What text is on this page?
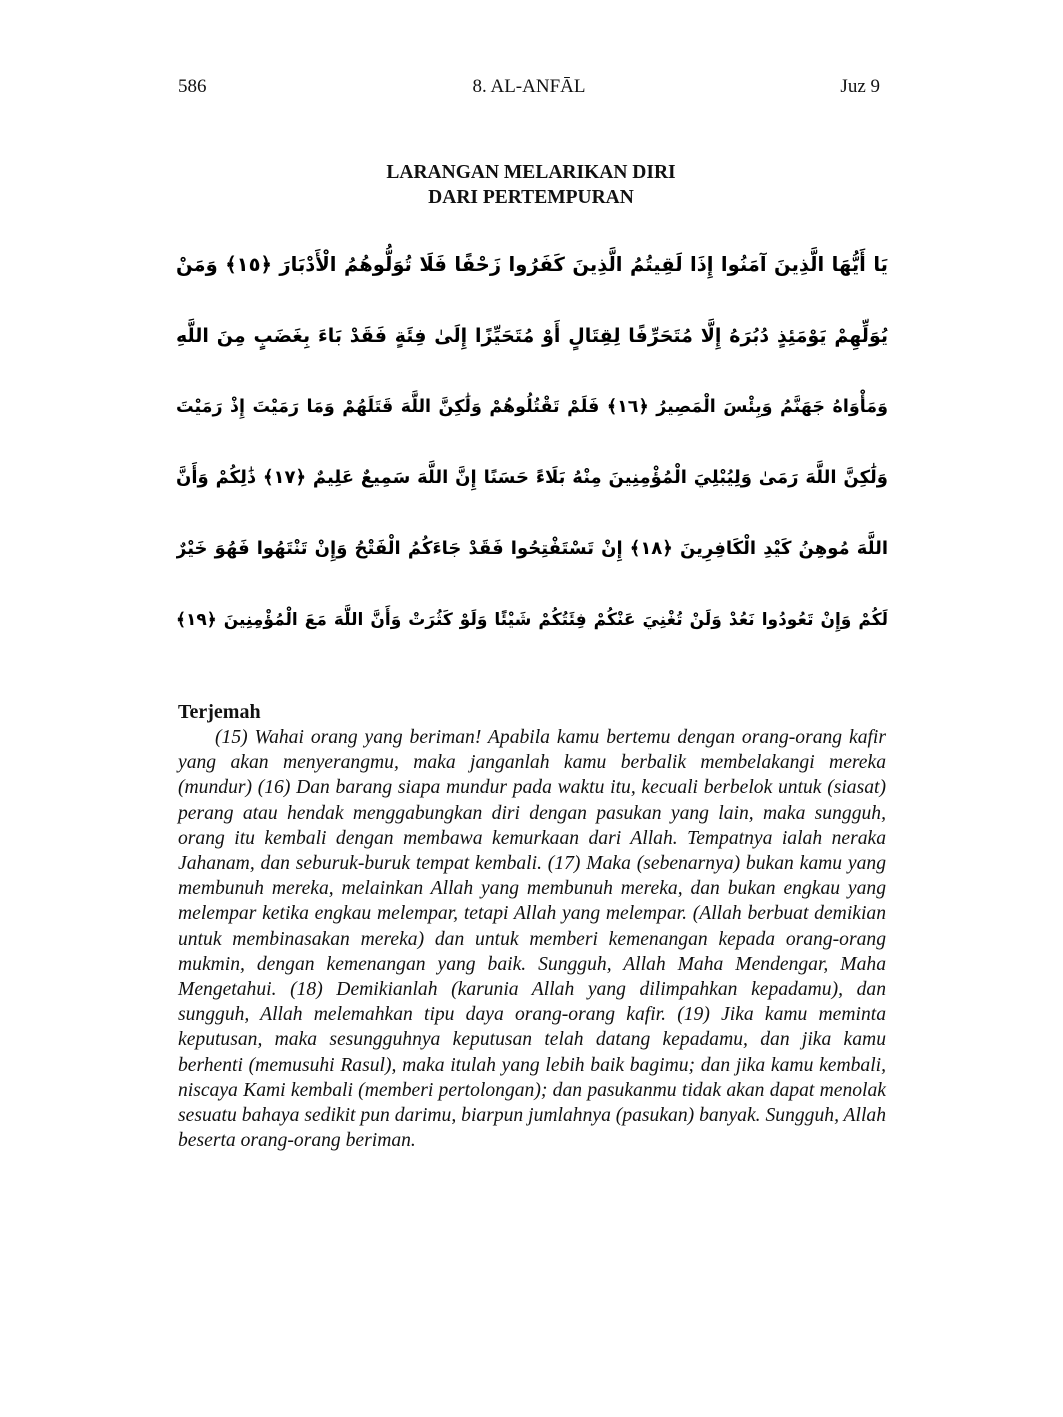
586	8. AL-ANFĀL	Juz 9
LARANGAN MELARIKAN DIRI
DARI PERTEMPURAN
يَا أَيُّهَا الَّذِينَ آمَنُوا إِذَا لَقِيتُمُ الَّذِينَ كَفَرُوا زَحْفًا فَلَا تُوَلُّوهُمُ الْأَدْبَارَ ﴿١٥﴾ وَمَنْ
يُوَلِّهِمْ يَوْمَئِذٍ دُبُرَهُ إِلَّا مُتَحَرِّفًا لِقِتَالٍ أَوْ مُتَحَيِّزًا إِلَىٰ فِئَةٍ فَقَدْ بَاءَ بِغَضَبٍ مِنَ اللَّهِ
وَمَأْوَاهُ جَهَنَّمُ وَبِئْسَ الْمَصِيرُ ﴿١٦﴾ فَلَمْ تَقْتُلُوهُمْ وَلَٰكِنَّ اللَّهَ قَتَلَهُمْ وَمَا رَمَيْتَ إِذْ رَمَيْتَ
وَلَٰكِنَّ اللَّهَ رَمَىٰ وَلِيُبْلِيَ الْمُؤْمِنِينَ مِنْهُ بَلَاءً حَسَنًا إِنَّ اللَّهَ سَمِيعٌ عَلِيمٌ ﴿١٧﴾ ذَٰلِكُمْ وَأَنَّ
اللَّهَ مُوهِنُ كَيْدِ الْكَافِرِينَ ﴿١٨﴾ إِنْ تَسْتَفْتِحُوا فَقَدْ جَاءَكُمُ الْفَتْحُ وَإِنْ تَنْتَهُوا فَهُوَ خَيْرٌ
لَكُمْ وَإِنْ تَعُودُوا نَعُدْ وَلَنْ تُغْنِيَ عَنْكُمْ فِئَتُكُمْ شَيْئًا وَلَوْ كَثُرَتْ وَأَنَّ اللَّهَ مَعَ الْمُؤْمِنِينَ ﴿١٩﴾
Terjemah

(15) Wahai orang yang beriman! Apabila kamu bertemu dengan orang-orang kafir yang akan menyerangmu, maka janganlah kamu berbalik membelakangi mereka (mundur) (16) Dan barang siapa mundur pada waktu itu, kecuali berbelok untuk (siasat) perang atau hendak menggabungkan diri dengan pasukan yang lain, maka sungguh, orang itu kembali dengan membawa kemurkaan dari Allah. Tempatnya ialah neraka Jahanam, dan seburuk-buruk tempat kembali. (17) Maka (sebenarnya) bukan kamu yang membunuh mereka, melainkan Allah yang membunuh mereka, dan bukan engkau yang melempar ketika engkau melempar, tetapi Allah yang melempar. (Allah berbuat demikian untuk membinasakan mereka) dan untuk memberi kemenangan kepada orang-orang mukmin, dengan kemenangan yang baik. Sungguh, Allah Maha Mendengar, Maha Mengetahui. (18) Demikianlah (karunia Allah yang dilimpahkan kepadamu), dan sungguh, Allah melemahkan tipu daya orang-orang kafir. (19) Jika kamu meminta keputusan, maka sesungguhnya keputusan telah datang kepadamu, dan jika kamu berhenti (memusuhi Rasul), maka itulah yang lebih baik bagimu; dan jika kamu kembali, niscaya Kami kembali (memberi pertolongan); dan pasukanmu tidak akan dapat menolak sesuatu bahaya sedikit pun darimu, biarpun jumlahnya (pasukan) banyak. Sungguh, Allah beserta orang-orang beriman.
